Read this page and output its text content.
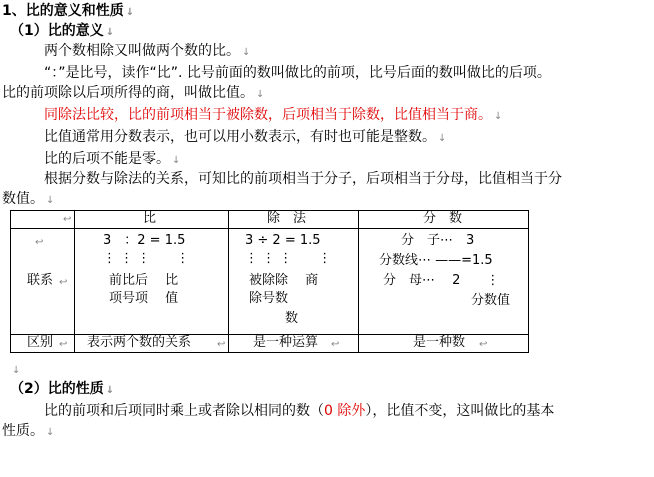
1、比的意义和性质 ↓
（1）比的意义 ↓
两个数相除又叫做两个数的比。 ↓
“：”是比号，读作“比”. 比号前面的数叫做比的前项，比号后面的数叫做比的后项。
比的前项除以后项所得的商，叫做比值。 ↓
同除法比较，比的前项相当于被除数，后项相当于除数，比值相当于商。 ↓
比值通常用分数表示，也可以用小数表示，有时也可能是整数。 ↓
比的后项不能是零。 ↓
根据分数与除法的关系，可知比的前项相当于分子，后项相当于分母，比值相当于分
数值。 ↓
↩	比	除　法	分　数

↩
联系 ↩	3　：2 = 1.5
⋮ ⋮ ⋮　　⋮
前比后　 比
项号项　 值	3 ÷ 2 = 1.5
⋮ ⋮ ⋮　　⋮
被除除　 商
除号数
数	分　子⋯　3
分数线⋯ ——=1.5
分　母⋯　 2　　⋮
分数值

区别 ↩	表示两个数的关系 ↩	是一种运算 ↩	是一种数 ↩
↓
（2）比的性质 ↓
比的前项和后项同时乘上或者除以相同的数（0 除外），比值不变，这叫做比的基本
性质。 ↓
